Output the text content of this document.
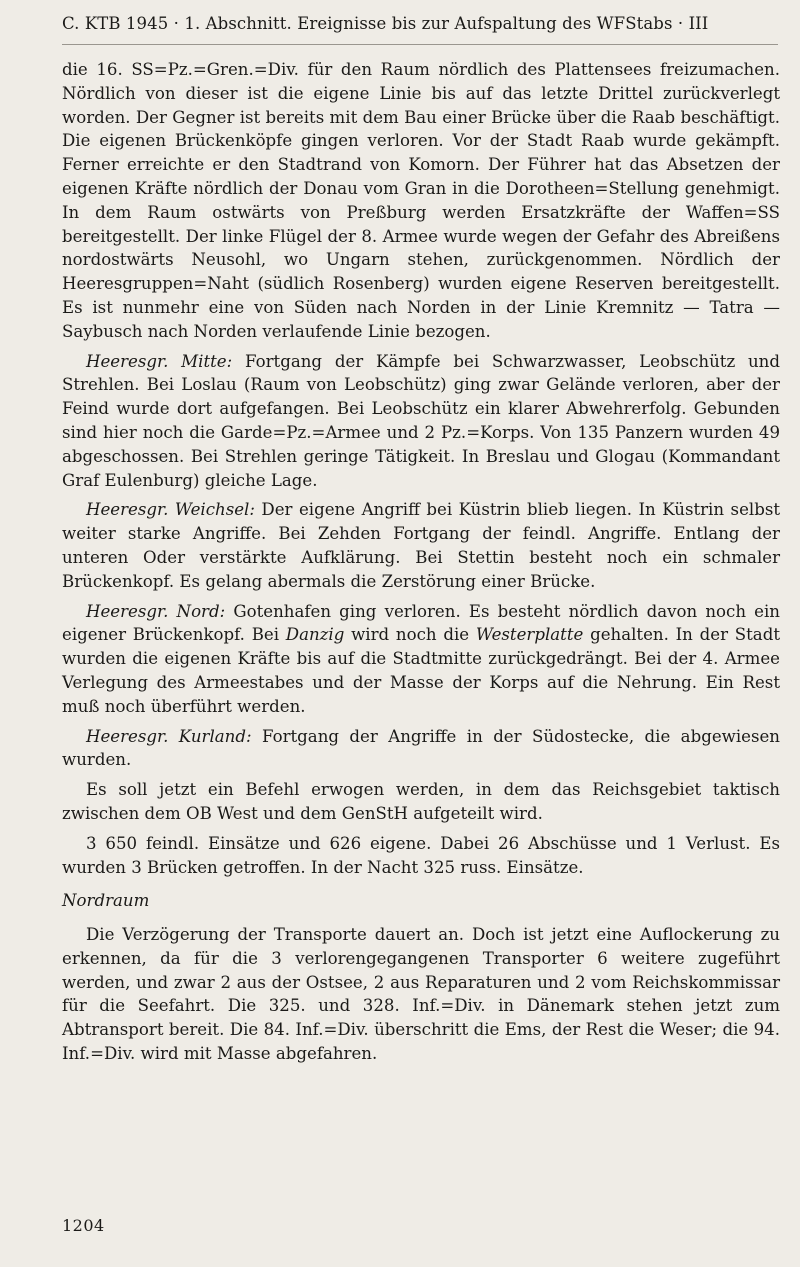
C. KTB 1945 · 1. Abschnitt. Ereignisse bis zur Aufspaltung des WFStabs · III

die 16. SS=Pz.=Gren.=Div. für den Raum nördlich des Plattensees freizumachen. Nördlich von dieser ist die eigene Linie bis auf das letzte Drittel zurückverlegt worden. Der Gegner ist bereits mit dem Bau einer Brücke über die Raab beschäftigt. Die eigenen Brückenköpfe gingen verloren. Vor der Stadt Raab wurde gekämpft. Ferner erreichte er den Stadtrand von Komorn. Der Führer hat das Absetzen der eigenen Kräfte nördlich der Donau vom Gran in die Dorotheen=Stellung genehmigt. In dem Raum ostwärts von Preßburg werden Ersatzkräfte der Waffen=SS bereitgestellt. Der linke Flügel der 8. Armee wurde wegen der Gefahr des Abreißens nordostwärts Neusohl, wo Ungarn stehen, zurückgenommen. Nördlich der Heeresgruppen=Naht (südlich Rosenberg) wurden eigene Reserven bereitgestellt. Es ist nunmehr eine von Süden nach Norden in der Linie Kremnitz — Tatra — Saybusch nach Norden verlaufende Linie bezogen.

Heeresgr. Mitte: Fortgang der Kämpfe bei Schwarzwasser, Leobschütz und Strehlen. Bei Loslau (Raum von Leobschütz) ging zwar Gelände verloren, aber der Feind wurde dort aufgefangen. Bei Leobschütz ein klarer Abwehrerfolg. Gebunden sind hier noch die Garde=Pz.=Armee und 2 Pz.=Korps. Von 135 Panzern wurden 49 abgeschossen. Bei Strehlen geringe Tätigkeit. In Breslau und Glogau (Kommandant Graf Eulenburg) gleiche Lage.

Heeresgr. Weichsel: Der eigene Angriff bei Küstrin blieb liegen. In Küstrin selbst weiter starke Angriffe. Bei Zehden Fortgang der feindl. Angriffe. Entlang der unteren Oder verstärkte Aufklärung. Bei Stettin besteht noch ein schmaler Brückenkopf. Es gelang abermals die Zerstörung einer Brücke.

Heeresgr. Nord: Gotenhafen ging verloren. Es besteht nördlich davon noch ein eigener Brückenkopf. Bei Danzig wird noch die Westerplatte gehalten. In der Stadt wurden die eigenen Kräfte bis auf die Stadtmitte zurückgedrängt. Bei der 4. Armee Verlegung des Armeestabes und der Masse der Korps auf die Nehrung. Ein Rest muß noch überführt werden.

Heeresgr. Kurland: Fortgang der Angriffe in der Südostecke, die abgewiesen wurden.

Es soll jetzt ein Befehl erwogen werden, in dem das Reichsgebiet taktisch zwischen dem OB West und dem GenStH aufgeteilt wird.

3 650 feindl. Einsätze und 626 eigene. Dabei 26 Abschüsse und 1 Verlust. Es wurden 3 Brücken getroffen. In der Nacht 325 russ. Einsätze.

Nordraum

Die Verzögerung der Transporte dauert an. Doch ist jetzt eine Auflockerung zu erkennen, da für die 3 verlorengegangenen Transporter 6 weitere zugeführt werden, und zwar 2 aus der Ostsee, 2 aus Reparaturen und 2 vom Reichskommissar für die Seefahrt. Die 325. und 328. Inf.=Div. in Dänemark stehen jetzt zum Abtransport bereit. Die 84. Inf.=Div. überschritt die Ems, der Rest die Weser; die 94. Inf.=Div. wird mit Masse abgefahren.

1204
